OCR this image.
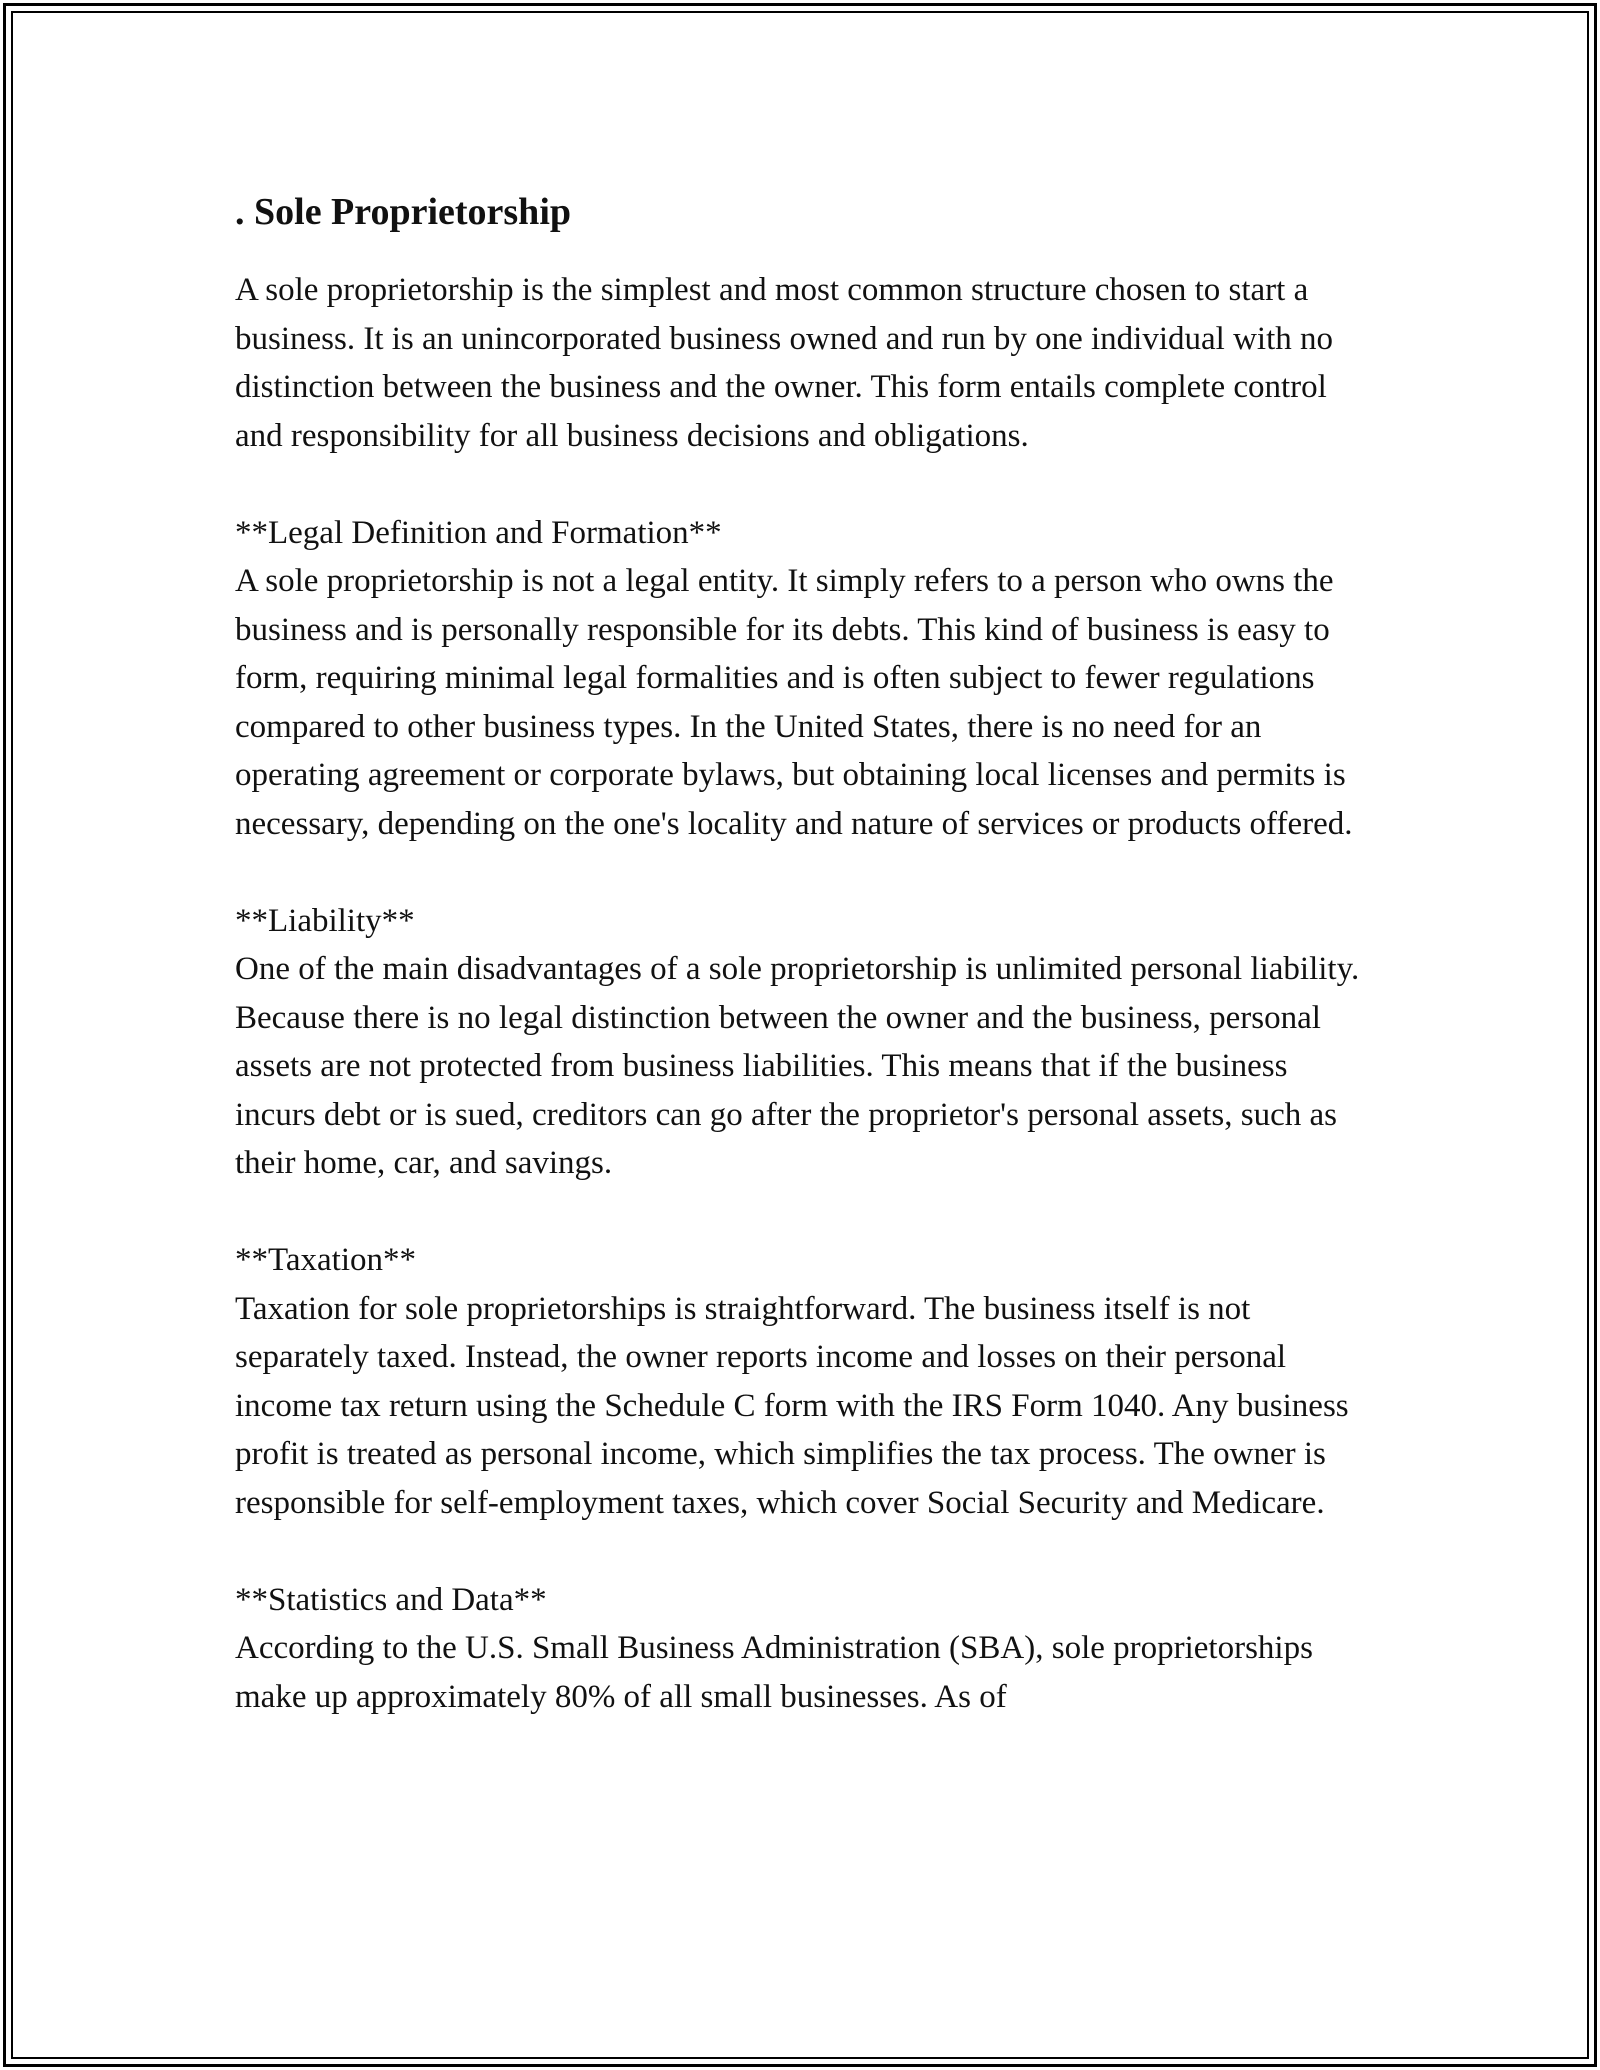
. Sole Proprietorship

A sole proprietorship is the simplest and most common structure chosen to start a business. It is an unincorporated business owned and run by one individual with no distinction between the business and the owner. This form entails complete control and responsibility for all business decisions and obligations.

**Legal Definition and Formation**
A sole proprietorship is not a legal entity. It simply refers to a person who owns the business and is personally responsible for its debts. This kind of business is easy to form, requiring minimal legal formalities and is often subject to fewer regulations compared to other business types. In the United States, there is no need for an operating agreement or corporate bylaws, but obtaining local licenses and permits is necessary, depending on the one's locality and nature of services or products offered.

**Liability**
One of the main disadvantages of a sole proprietorship is unlimited personal liability. Because there is no legal distinction between the owner and the business, personal assets are not protected from business liabilities. This means that if the business incurs debt or is sued, creditors can go after the proprietor's personal assets, such as their home, car, and savings.

**Taxation**
Taxation for sole proprietorships is straightforward. The business itself is not separately taxed. Instead, the owner reports income and losses on their personal income tax return using the Schedule C form with the IRS Form 1040. Any business profit is treated as personal income, which simplifies the tax process. The owner is responsible for self-employment taxes, which cover Social Security and Medicare.

**Statistics and Data**
According to the U.S. Small Business Administration (SBA), sole proprietorships make up approximately 80% of all small businesses. As of
